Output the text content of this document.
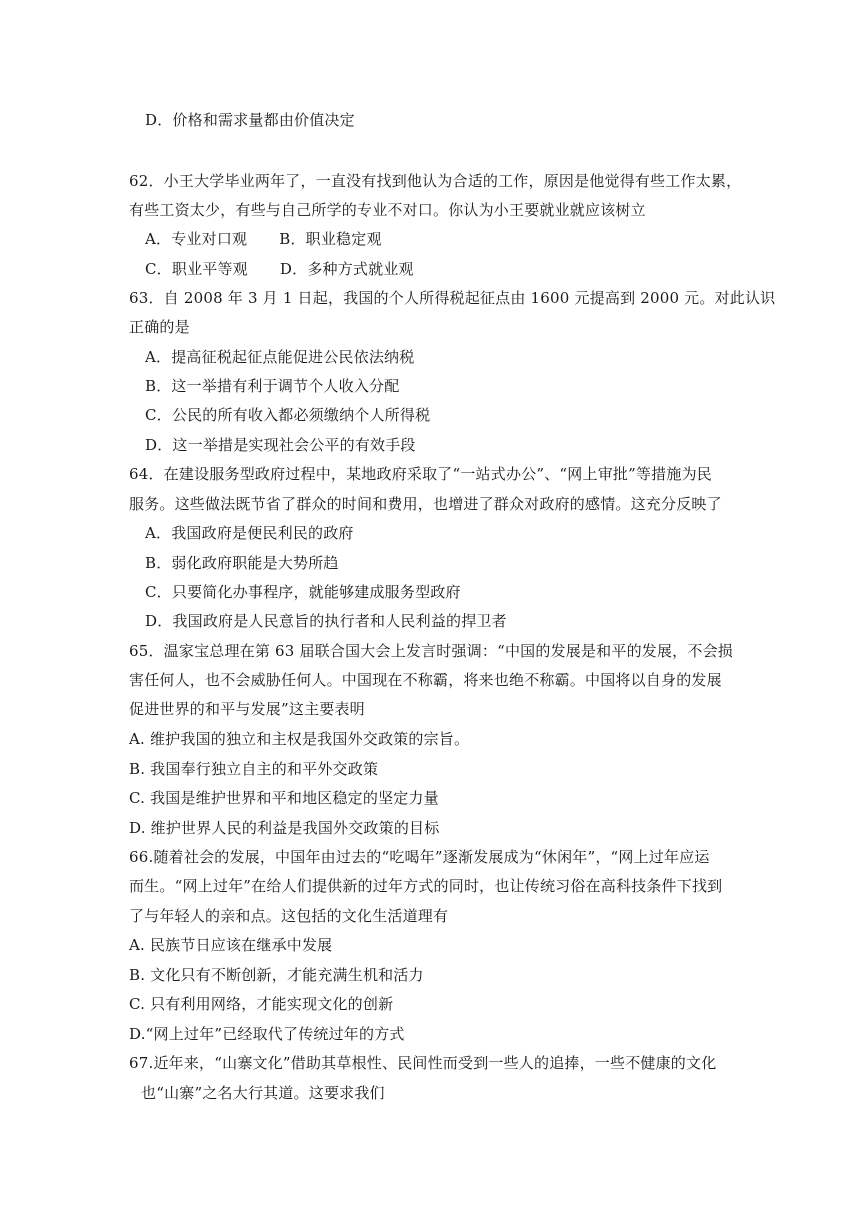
D．价格和需求量都由价值决定
62．小王大学毕业两年了，一直没有找到他认为合适的工作，原因是他觉得有些工作太累，
有些工资太少，有些与自己所学的专业不对口。你认为小王要就业就应该树立
A．专业对口观 B．职业稳定观
C．职业平等观 D．多种方式就业观
63．自 2008 年 3 月 1 日起，我国的个人所得税起征点由 1600 元提高到 2000 元。对此认识
正确的是
A．提高征税起征点能促进公民依法纳税
B．这一举措有利于调节个人收入分配
C．公民的所有收入都必须缴纳个人所得税
D．这一举措是实现社会公平的有效手段
64．在建设服务型政府过程中，某地政府采取了“一站式办公”、“网上审批”等措施为民
服务。这些做法既节省了群众的时间和费用，也增进了群众对政府的感情。这充分反映了
A．我国政府是便民利民的政府
B．弱化政府职能是大势所趋
C．只要简化办事程序，就能够建成服务型政府
D．我国政府是人民意旨的执行者和人民利益的捍卫者
65．温家宝总理在第 63 届联合国大会上发言时强调：“中国的发展是和平的发展，不会损
害任何人，也不会威胁任何人。中国现在不称霸，将来也绝不称霸。中国将以自身的发展
促进世界的和平与发展”这主要表明
A. 维护我国的独立和主权是我国外交政策的宗旨。
B. 我国奉行独立自主的和平外交政策
C. 我国是维护世界和平和地区稳定的坚定力量
D. 维护世界人民的利益是我国外交政策的目标
66.随着社会的发展，中国年由过去的“吃喝年”逐渐发展成为“休闲年”，“网上过年应运
而生。“网上过年”在给人们提供新的过年方式的同时，也让传统习俗在高科技条件下找到
了与年轻人的亲和点。这包括的文化生活道理有
A. 民族节日应该在继承中发展
B. 文化只有不断创新，才能充满生机和活力
C. 只有利用网络，才能实现文化的创新
D.“网上过年”已经取代了传统过年的方式
67.近年来，“山寨文化”借助其草根性、民间性而受到一些人的追捧，一些不健康的文化
也“山寨”之名大行其道。这要求我们
